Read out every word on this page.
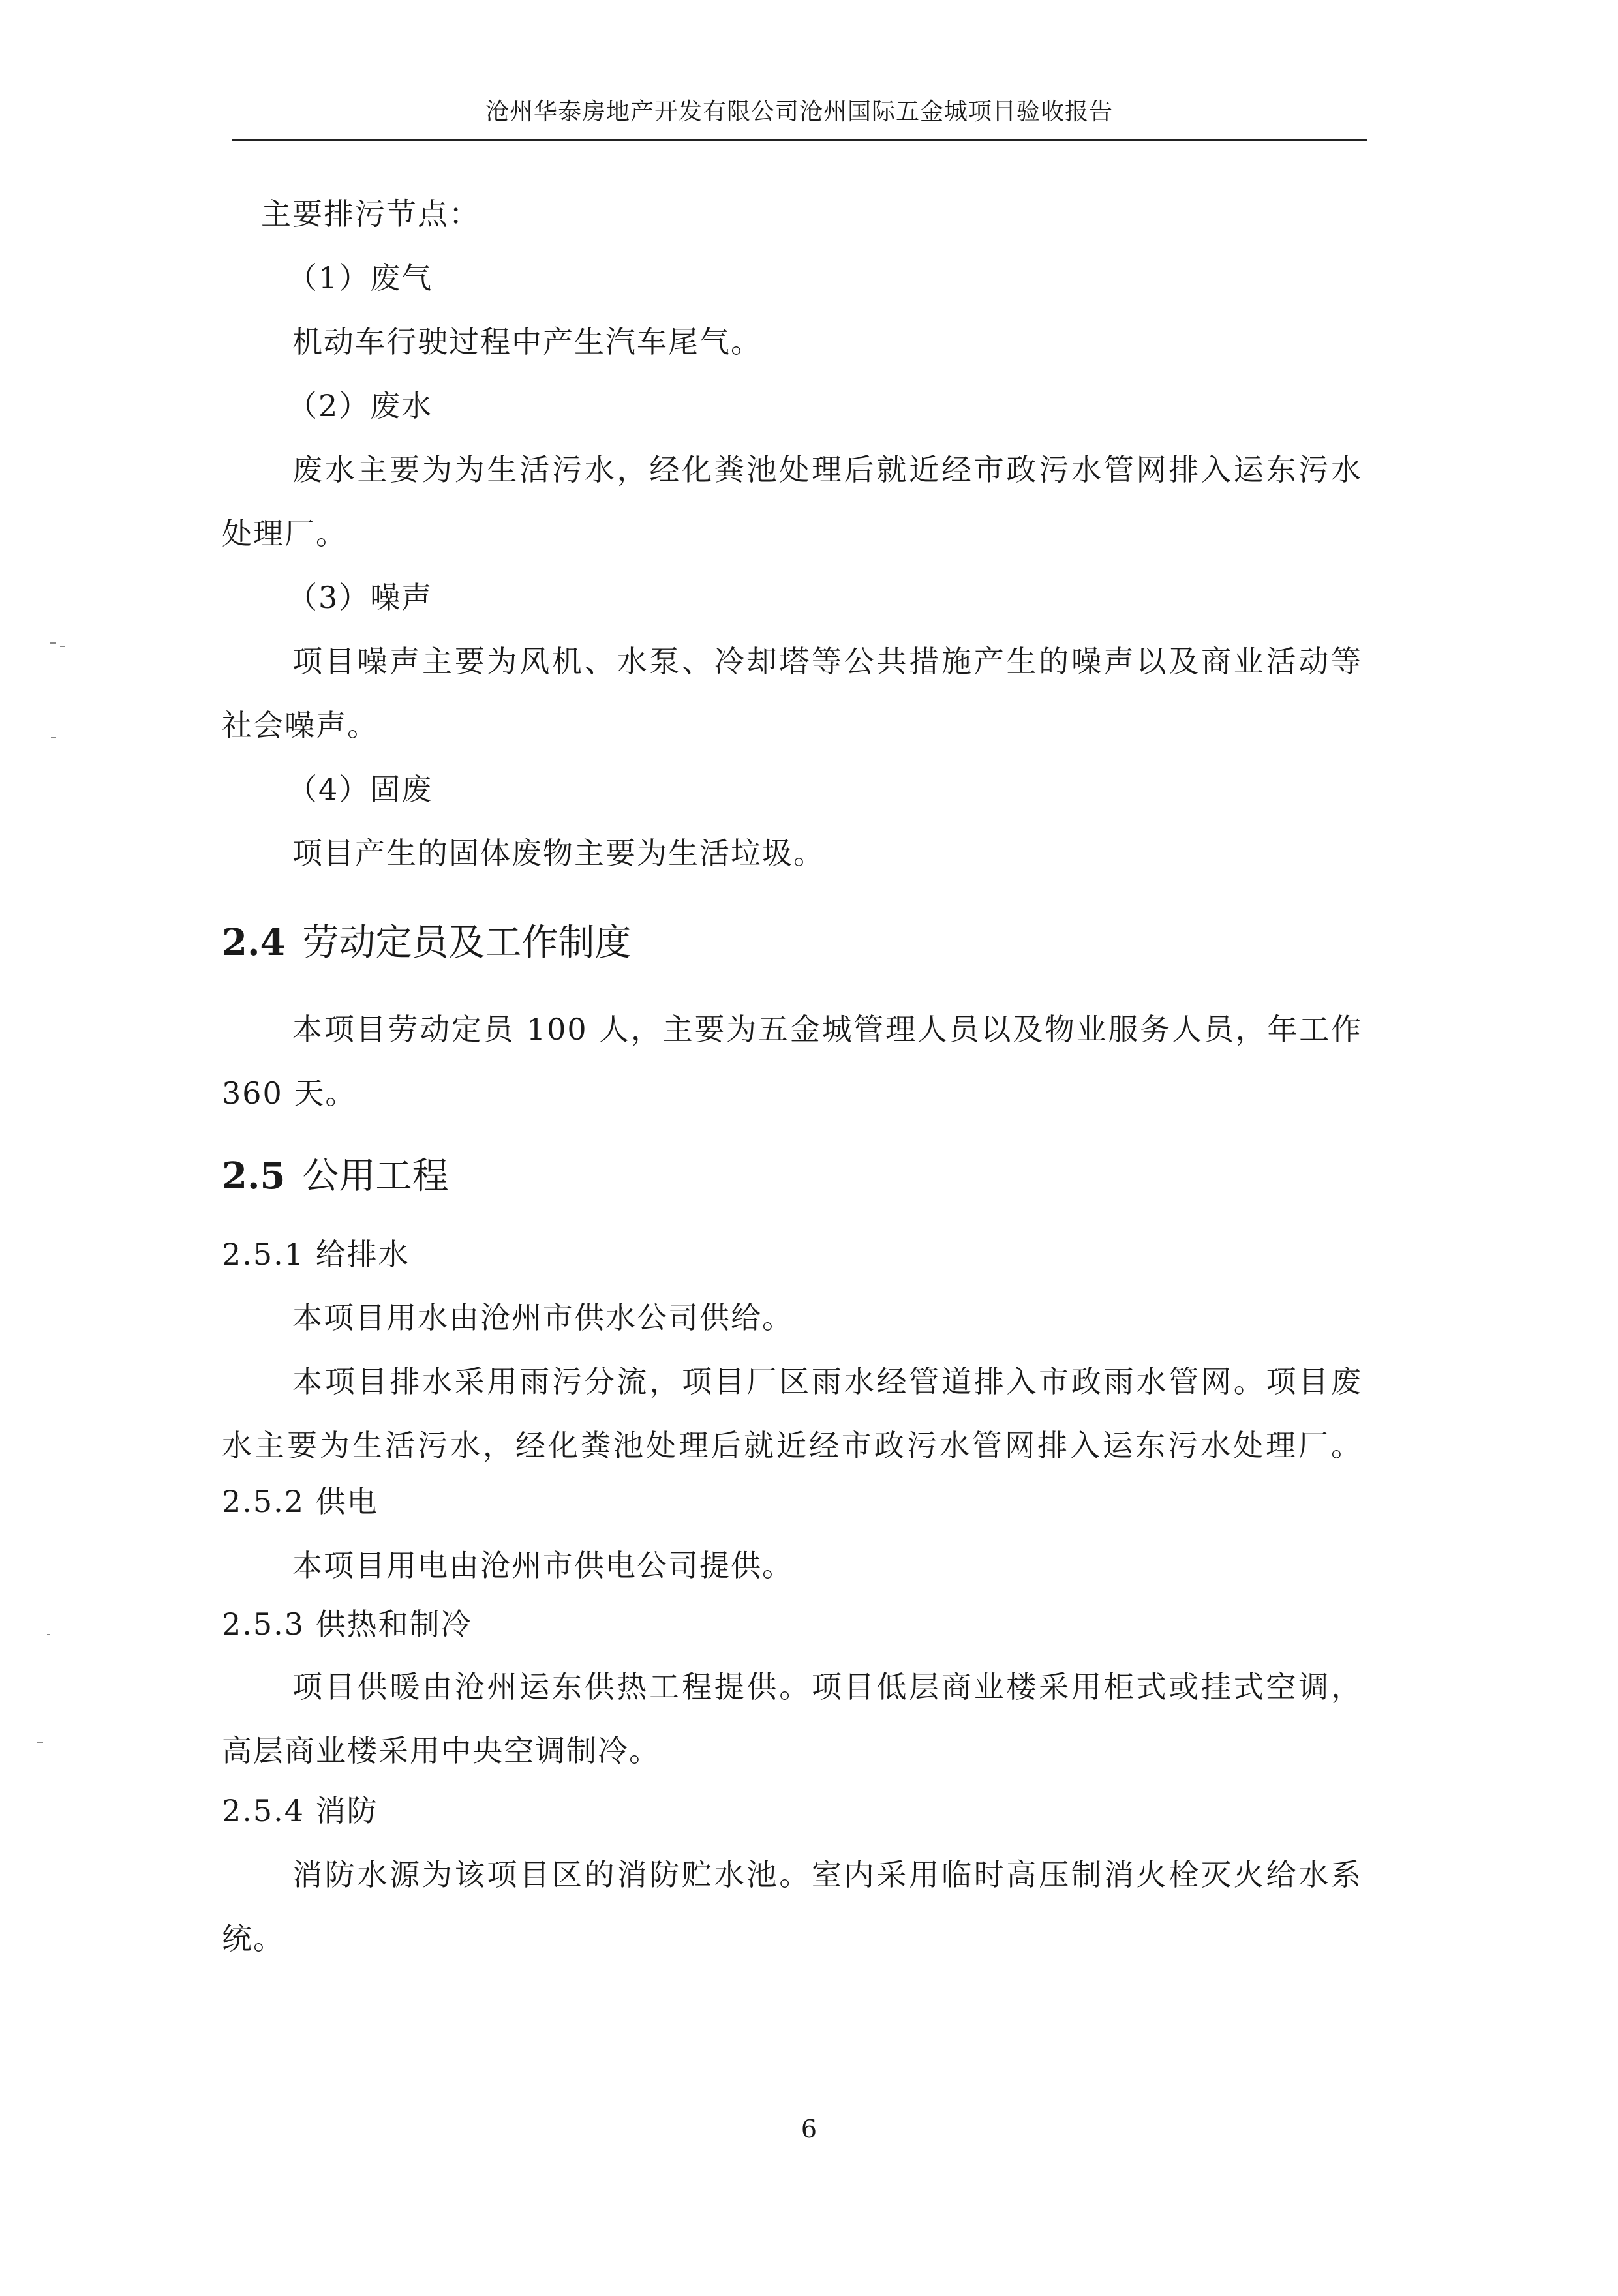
沧州华泰房地产开发有限公司沧州国际五金城项目验收报告
主要排污节点：
（1）废气
机动车行驶过程中产生汽车尾气。
（2）废水
废水主要为为生活污水，经化粪池处理后就近经市政污水管网排入运东污水
处理厂。
（3）噪声
项目噪声主要为风机、水泵、冷却塔等公共措施产生的噪声以及商业活动等
社会噪声。
（4）固废
项目产生的固体废物主要为生活垃圾。
2.4 劳动定员及工作制度
本项目劳动定员 100 人，主要为五金城管理人员以及物业服务人员，年工作
360 天。
2.5 公用工程
2.5.1 给排水
本项目用水由沧州市供水公司供给。
本项目排水采用雨污分流，项目厂区雨水经管道排入市政雨水管网。项目废
水主要为生活污水，经化粪池处理后就近经市政污水管网排入运东污水处理厂。
2.5.2 供电
本项目用电由沧州市供电公司提供。
2.5.3 供热和制冷
项目供暖由沧州运东供热工程提供。项目低层商业楼采用柜式或挂式空调，
高层商业楼采用中央空调制冷。
2.5.4 消防
消防水源为该项目区的消防贮水池。室内采用临时高压制消火栓灭火给水系
统。
6
